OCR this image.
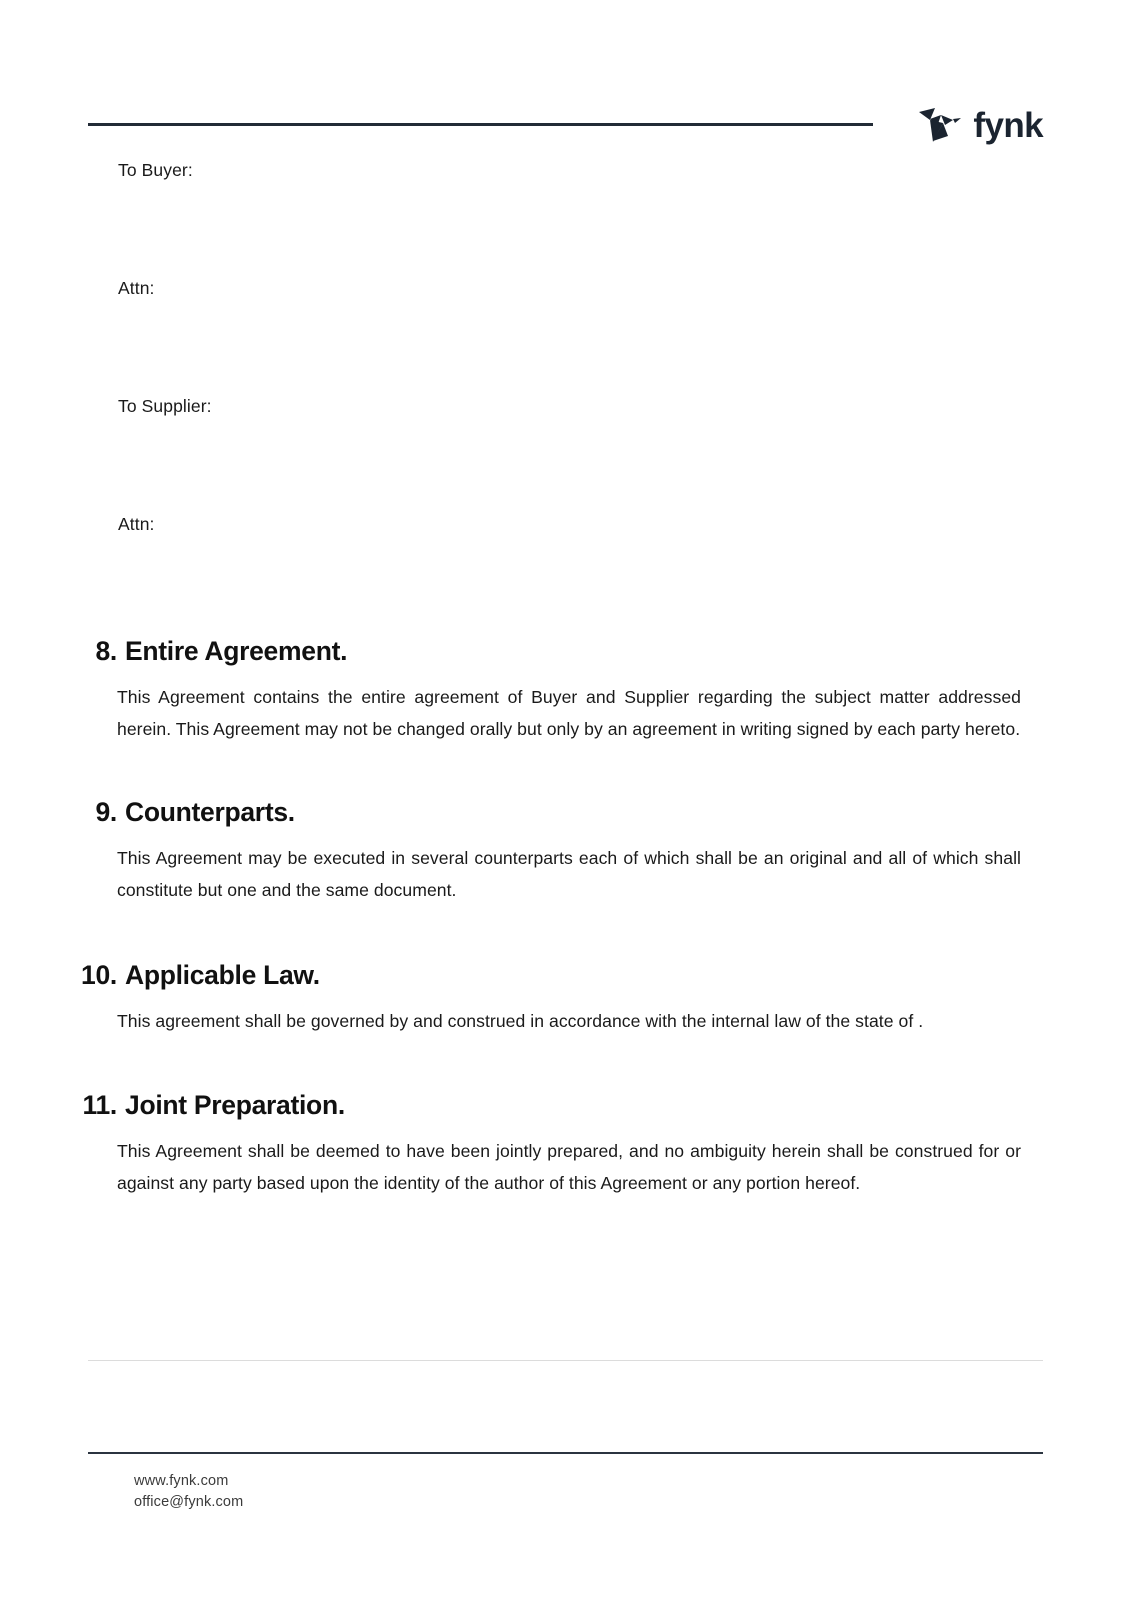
fynk
To Buyer:
Attn:
To Supplier:
Attn:
8. Entire Agreement.

This Agreement contains the entire agreement of Buyer and Supplier regarding the subject matter addressed herein. This Agreement may not be changed orally but only by an agreement in writing signed by each party hereto.

9. Counterparts.

This Agreement may be executed in several counterparts each of which shall be an original and all of which shall constitute but one and the same document.

10. Applicable Law.

This agreement shall be governed by and construed in accordance with the internal law of the state of .

11. Joint Preparation.

This Agreement shall be deemed to have been jointly prepared, and no ambiguity herein shall be construed for or against any party based upon the identity of the author of this Agreement or any portion hereof.

www.fynk.com
office@fynk.com
